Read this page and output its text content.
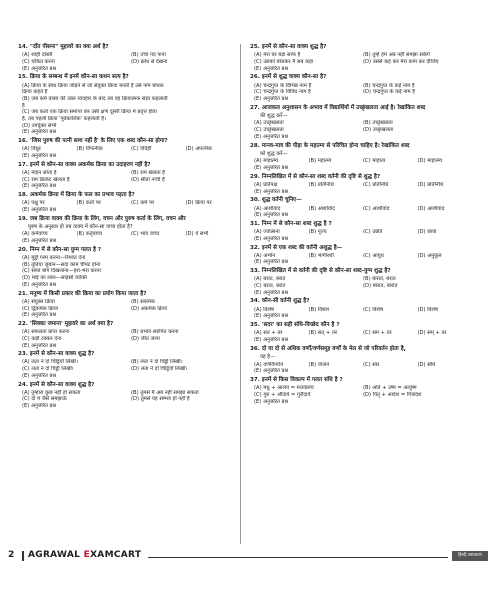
14. "दाँत पीसना" मुहावरे का क्या अर्थ है?
(A) शाही दोस्ती	(B) उच्च पद पाना
(C) चकित करना	(D) क्रोध से देखना
(E) अनुत्तरित प्रश्न
15. क्रिया के सम्बन्ध में इनमें कौन-सा कथन सत्य है?
(A) क्रिया के साथ क्रिया जोड़ने से जो संयुक्त क्रिया बनती है उसे नाम बोधक
क्रिया कहते हैं
(B) जब कर्म वाक्य की उक्त व्यवहार के बाद तब वह क्रियात्मक संज्ञा कहलाती
है
(C) जब कर्ता एक क्रिया समाप्त कर उसी क्षण दूसरी क्रिया में प्रवृत्त होता
है, तब पहली क्रिया 'पूर्वकालिक' कहलाती है।
(D) उपर्युक्त सभी
(E) अनुत्तरित प्रश्न
16. 'जिस पुरुष की पत्नी साथ नहीं है' के लिए एक शब्द कौन-सा होगा?
(A) विधुर	(B) विपत्नीक	(C) विदेही	(D) अपत्नीक
(E) अनुत्तरित प्रश्न
17. इनमें से कौन-सा वाक्य अकर्मक क्रिया का उदाहरण नहीं है?
(A) मोहन सोता है	(B) राम खेलता है
(C) राम क्रिकेट खेलता है	(D) सीता नाची है
(E) अनुत्तरित प्रश्न
18. अकर्मक क्रिया में क्रिया के फल का प्रभाव पड़ता है?
(A) पक्षु पर	(B) कर्ता पर	(C) कर्म पर	(D) क्रिया पर
(E) अनुत्तरित प्रश्न
19. जब क्रिया वाक्य की क्रिया के लिंग, वचन और पुरुष कर्ता के लिंग, वचन और
पुरुष के अनुसार हो तब वाक्य में कौन-सा वाच्य होता है?
(A) कर्मवाच्य	(B) कर्तृवाच्य	(C) भाव वाच्य	(D) ये सभी
(E) अनुत्तरित प्रश्न
20. निम्न में से कौन-सा युग्म गलत है ?
(A) मुट्ठी गरम करना—रिश्वत देना
(B) तूतिया जुबान—सदा काम चौपट होना
(C) सब्ज बाग दिखलाना—हरा-भरा करना
(D) माई का लाल—साहसी व्यक्ति
(E) अनुत्तरित प्रश्न
21. मनुष्य में किसी प्रकार की क्रिया का प्रयोग किया जाता है?
(A) संयुक्त क्रिया	(B) सकर्मक
(C) द्विकर्मक क्रिया	(D) अकर्मक क्रिया
(E) अनुत्तरित प्रश्न
22. 'सिक्का जमाना' मुहावरे का अर्थ क्या है?
(A) सफलता प्राप्त करना	(B) प्रभाव स्थापित करना
(C) कड़ी टक्कर देना	(D) जीत जाना
(E) अनुत्तरित प्रश्न
23. इनमें से कौन-सा वाक्य शुद्ध है?
(A) लता ने दो चिट्ठियाँ लिखी।	(B) लता ने दो चिट्ठी लिखी।
(C) लता ने दो चिट्ठी लिखीं।	(D) लता ने दो चिट्ठियाँ लिखीं।
(E) अनुत्तरित प्रश्न
24. इनमें से कौन-सा वाक्य शुद्ध है?
(A) तुम्हारा कुछ नहीं हो सकता	(B) तुमसे मैं अब नहीं समझा सकता
(C) दो में जैसे समझाऊँ	(D) तुमसे यह सम्भव हो नहीं है
(E) अनुत्तरित प्रश्न
25. इनमें से कौन-सा वाक्य शुद्ध है?
(A) मेरा घर बड़ा साफ है	(B) तुम्हें हम अब नहीं समझा सकेंगे
(C) उसको बोलकर मैं सब कहा	(D) उससे कह कर मेरा काम कर दीजिए
(E) अनुत्तरित प्रश्न
26. इनमें से शुद्ध वाक्य कौन-सा है?
(A) चन्द्रगुप्त के विभिन्न नाम हैं	(B) चन्द्रगुप्त के कई नाम हैं
(C) चन्द्रगुप्त के विविध नाम हैं	(D) चन्द्रगुप्त के कई नाम हैं
(E) अनुत्तरित प्रश्न
27. आजकल अनुशासन के अभाव में विद्यार्थियों में उच्छृंखलता आई है। रेखांकित शब्द
की शुद्ध करें—
(A) उच्छृंखलता	(B) उच्छृंखलता
(C) उच्छृंखलता	(D) उच्छृंखलता
(E) अनुत्तरित प्रश्न
28. मानव-मात्र की पीड़ा के महात्म्य से परिचित होना चाहिए है। रेखांकित शब्द
को शुद्ध करें—
(A) माहात्म्य	(B) महात्म्य	(C) माहात्य	(D) माहात्म्य
(E) अनुत्तरित प्रश्न
29. निम्नलिखित में से कौन-सा शब्द वर्तनी की दृष्टि से शुद्ध है?
(A) प्रतिपक्ष	(B) प्रतिनिधि	(C) प्रतिनिधि	(D) प्रतिनिधि
(E) अनुत्तरित प्रश्न
30. शुद्ध वर्तनी चुनिए—
(A) आशीर्वाद	(B) आशीर्वाद	(C) आशीर्वाद	(D) आशीवाद
(E) अनुत्तरित प्रश्न
31. निम्न में से कौन-सा शब्द शुद्ध है ?
(A) ज्योत्सना	(B) पूज्य	(C) उन्नति	(D) छाया
(E) अनुत्तरित प्रश्न
32. इनमें से एक शब्द की वर्तनी अशुद्ध है—
(A) अभीन	(B) भागीरथी	(C) आयुध	(D) अनुकूल
(E) अनुत्तरित प्रश्न
33. निम्नलिखित में से वर्तनी की दृष्टि से कौन-सा शब्द-युग्म शुद्ध है?
(A) बरात, बरात	(B) बारात, बरात
(C) बरात, बरात	(D) बारात, बारात
(E) अनुत्तरित प्रश्न
34. कौन-सी वर्तनी शुद्ध है?
(A) विशेष	(B) विशेश	(C) विशेष	(D) विशेष
(E) अनुत्तरित प्रश्न
35. 'सदर' का सही संधि-विच्छेद कौन है ?
(A) सत + तर	(B) सत् + तर	(C) सम + तर	(D) सम् + तर
(E) अनुत्तरित प्रश्न
36. दो या दो से अधिक वर्णों/वर्णसमूह वर्णों के मेल से जो परिवर्तन होता है,
वह है—
(A) वर्णविपर्यय	(B) व्यंजन	(C) स्वर	(D) संधि
(E) अनुत्तरित प्रश्न
37. इनमें से किस विकल्प में गलत संधि है ?
(A) मधु + आलय = मधवालय	(B) अति + उष्म = अत्युष्म
(C) गुरु + औदार्य = गुरौदार्य	(D) पितृ + आदेश = पित्रादेश
(E) अनुत्तरित प्रश्न
2 AGRAWAL EXAMCART	हिन्दी व्याकरण
